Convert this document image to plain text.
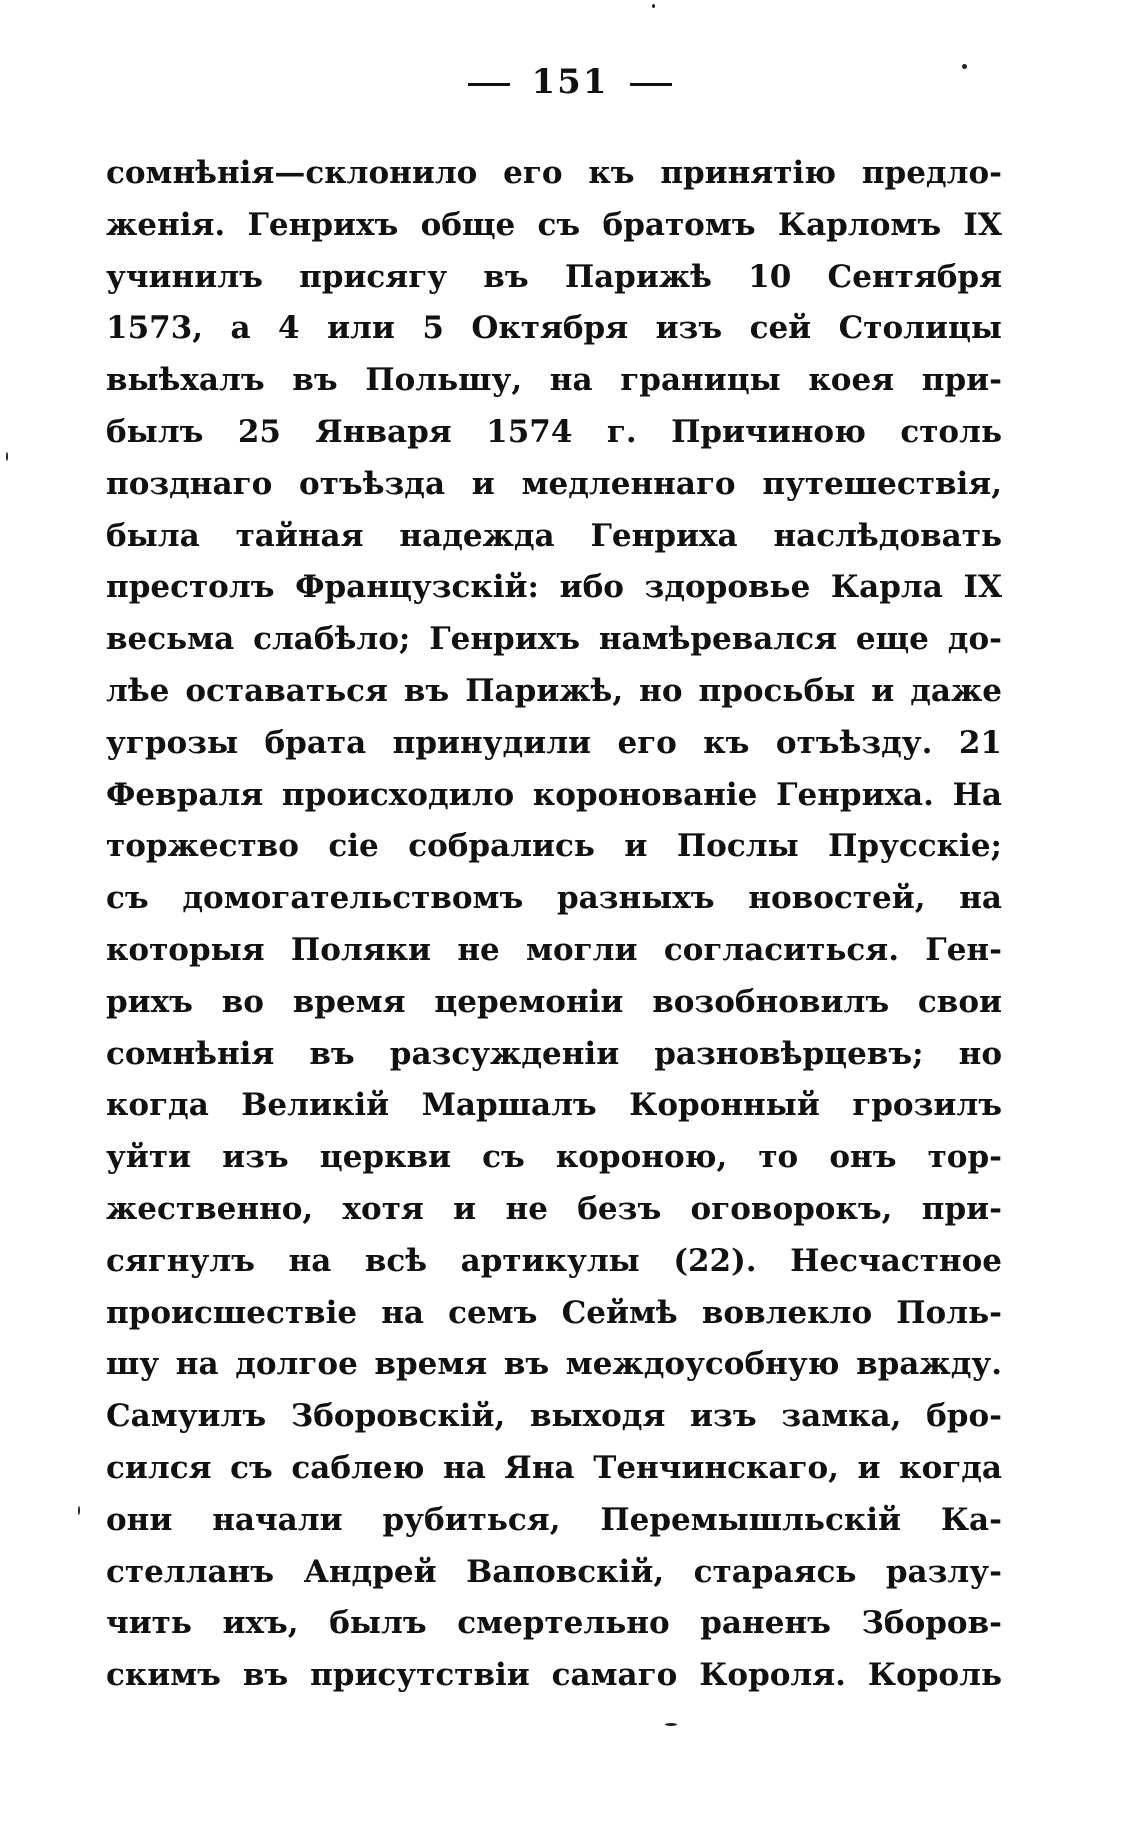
151
сомнѣнія—склонило его къ принятію предло-
женія. Генрихъ обще съ братомъ Карломъ IX
учинилъ присягу въ Парижѣ 10 Сентября
1573, а 4 или 5 Октября изъ сей Столицы
выѣхалъ въ Польшу, на границы коея при-
былъ 25 Января 1574 г. Причиною столь
позднаго отъѣзда и медленнаго путешествія,
была тайная надежда Генриха наслѣдовать
престолъ Французскій: ибо здоровье Карла IX
весьма слабѣло; Генрихъ намѣревался еще до-
лѣе оставаться въ Парижѣ, но просьбы и даже
угрозы брата принудили его къ отъѣзду. 21
Февраля происходило коронованіе Генриха. На
торжество сіе собрались и Послы Прусскіе;
съ домогательствомъ разныхъ новостей, на
которыя Поляки не могли согласиться. Ген-
рихъ во время церемоніи возобновилъ свои
сомнѣнія въ разсужденіи разновѣрцевъ; но
когда Великій Маршалъ Коронный грозилъ
уйти изъ церкви съ короною, то онъ тор-
жественно, хотя и не безъ оговорокъ, при-
сягнулъ на всѣ артикулы (22). Несчастное
происшествіе на семъ Сеймѣ вовлекло Поль-
шу на долгое время въ междоусобную вражду.
Самуилъ Зборовскій, выходя изъ замка, бро-
сился съ саблею на Яна Тенчинскаго, и когда
они начали рубиться, Перемышльскій Ка-
стелланъ Андрей Ваповскій, стараясь разлу-
чить ихъ, былъ смертельно раненъ Зборов-
скимъ въ присутствіи самаго Короля. Король
